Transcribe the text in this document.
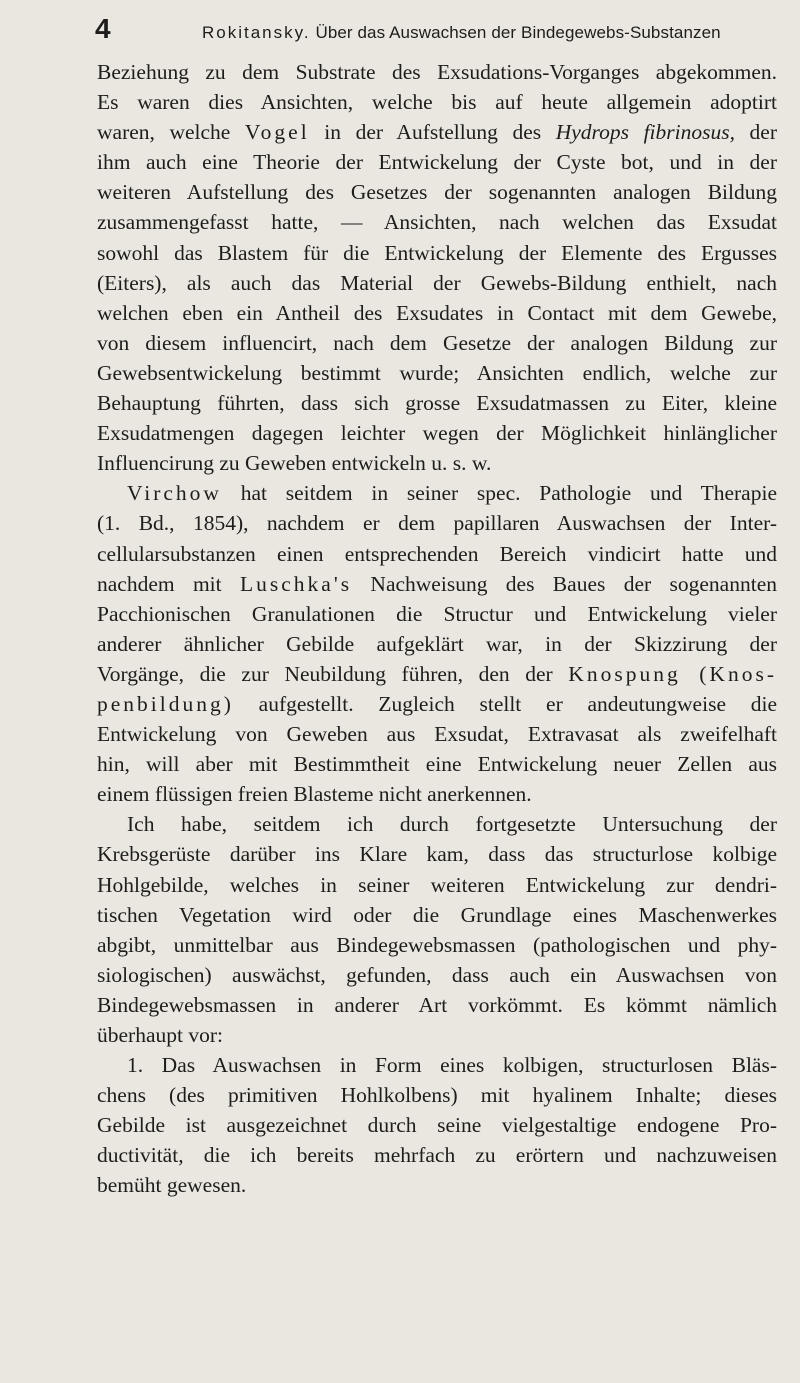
4	Rokitansky. Über das Auswachsen der Bindegewebs-Substanzen
Beziehung zu dem Substrate des Exsudations-Vorganges abgekommen.
Es waren dies Ansichten, welche bis auf heute allgemein adoptirt
waren, welche Vogel in der Aufstellung des Hydrops fibrinosus, der
ihm auch eine Theorie der Entwickelung der Cyste bot, und in der
weiteren Aufstellung des Gesetzes der sogenannten analogen Bildung
zusammengefasst hatte, — Ansichten, nach welchen das Exsudat
sowohl das Blastem für die Entwickelung der Elemente des Ergusses
(Eiters), als auch das Material der Gewebs-Bildung enthielt, nach
welchen eben ein Antheil des Exsudates in Contact mit dem Gewebe,
von diesem influencirt, nach dem Gesetze der analogen Bildung zur
Gewebsentwickelung bestimmt wurde; Ansichten endlich, welche zur
Behauptung führten, dass sich grosse Exsudatmassen zu Eiter, kleine
Exsudatmengen dagegen leichter wegen der Möglichkeit hinlänglicher
Influencirung zu Geweben entwickeln u. s. w.
Virchow hat seitdem in seiner spec. Pathologie und Therapie
(1. Bd., 1854), nachdem er dem papillaren Auswachsen der Inter-
cellularsubstanzen einen entsprechenden Bereich vindicirt hatte und
nachdem mit Luschka's Nachweisung des Baues der sogenannten
Pacchionischen Granulationen die Structur und Entwickelung vieler
anderer ähnlicher Gebilde aufgeklärt war, in der Skizzirung der
Vorgänge, die zur Neubildung führen, den der Knospung (Knos-
penbildung) aufgestellt. Zugleich stellt er andeutungweise die
Entwickelung von Geweben aus Exsudat, Extravasat als zweifelhaft
hin, will aber mit Bestimmtheit eine Entwickelung neuer Zellen aus
einem flüssigen freien Blasteme nicht anerkennen.
Ich habe, seitdem ich durch fortgesetzte Untersuchung der
Krebsgerüste darüber ins Klare kam, dass das structurlose kolbige
Hohlgebilde, welches in seiner weiteren Entwickelung zur dendri-
tischen Vegetation wird oder die Grundlage eines Maschenwerkes
abgibt, unmittelbar aus Bindegewebsmassen (pathologischen und phy-
siologischen) auswächst, gefunden, dass auch ein Auswachsen von
Bindegewebsmassen in anderer Art vorkömmt. Es kömmt nämlich
überhaupt vor:
1. Das Auswachsen in Form eines kolbigen, structurlosen Bläs-
chens (des primitiven Hohlkolbens) mit hyalinem Inhalte; dieses
Gebilde ist ausgezeichnet durch seine vielgestaltige endogene Pro-
ductivität, die ich bereits mehrfach zu erörtern und nachzuweisen
bemüht gewesen.
